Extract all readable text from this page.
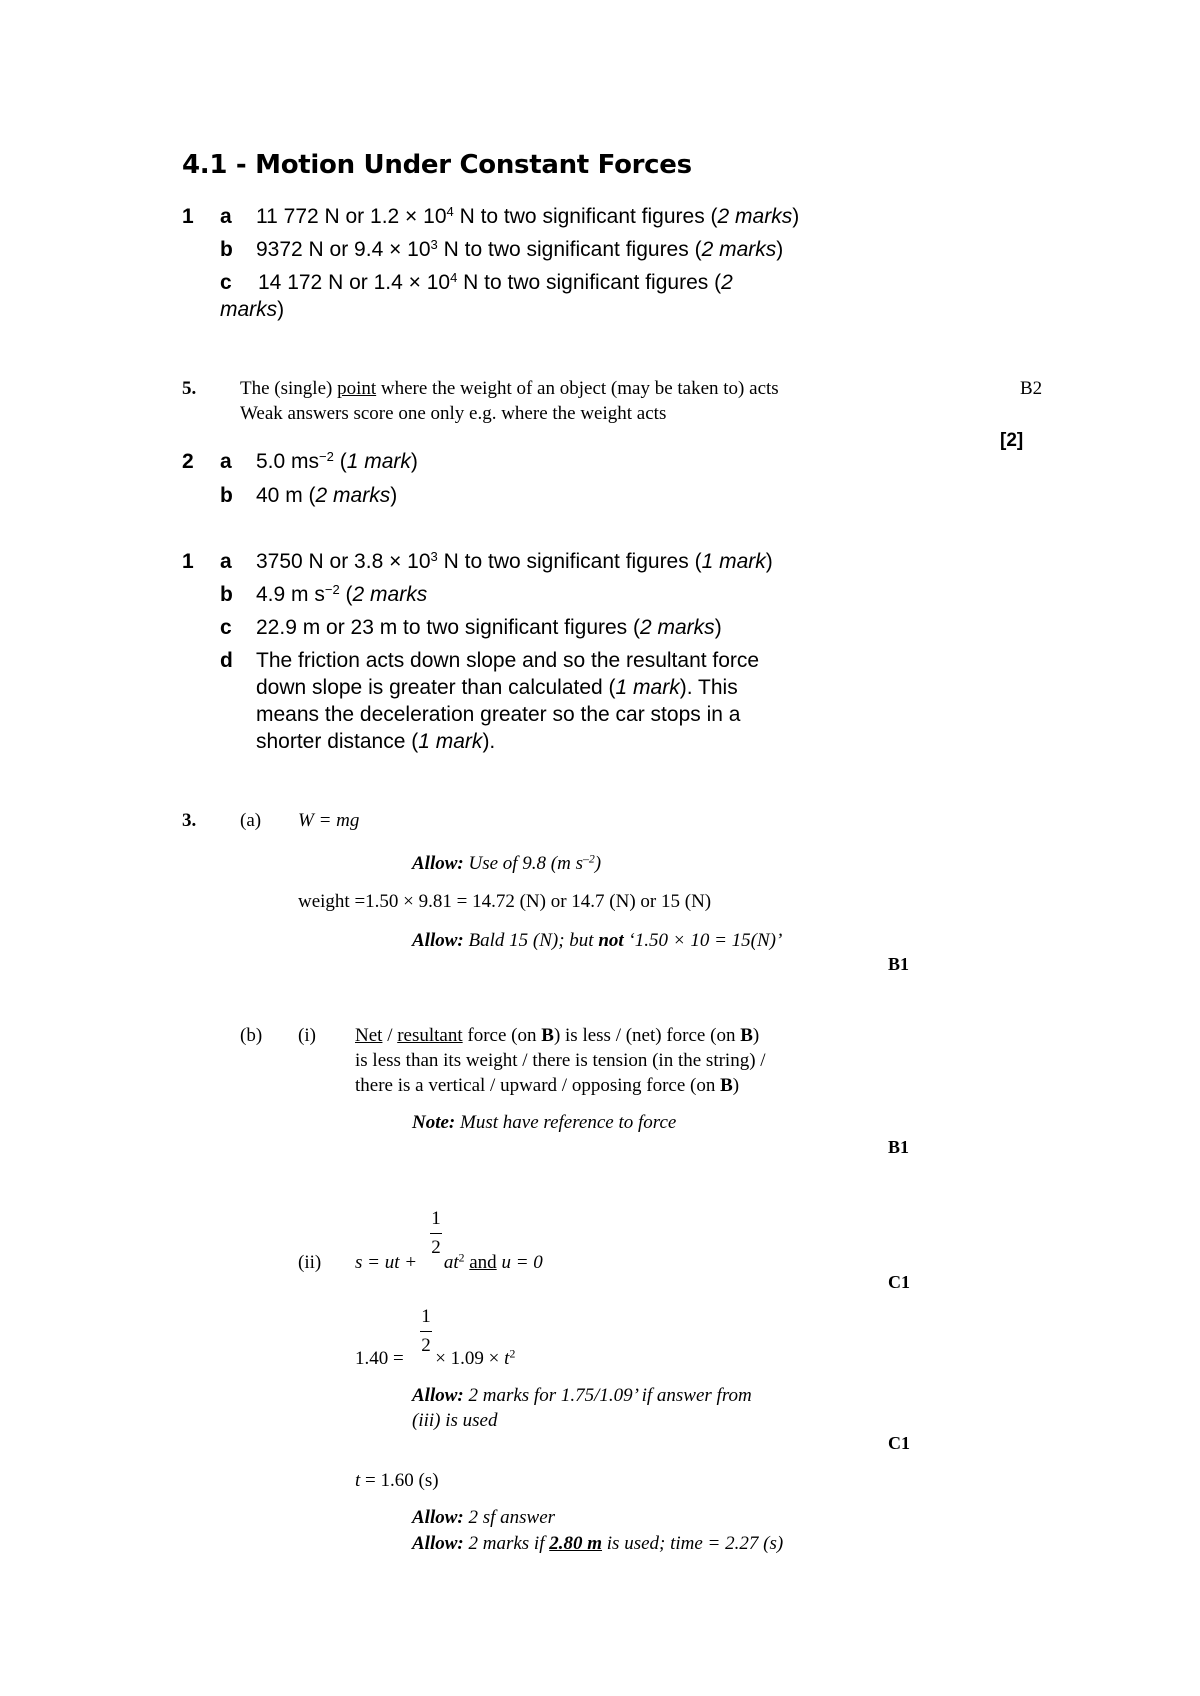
4.1 - Motion Under Constant Forces
1 a 11 772 N or $1.2 \times 10^4$ N to two significant figures (2 marks)
b 9372 N or $9.4 \times 10^3$ N to two significant figures (2 marks)
c 14 172 N or $1.4 \times 10^4$ N to two significant figures (2
marks)
5. The (single) point where the weight of an object (may be taken to) acts
Weak answers score one only e.g. where the weight acts
B2
[2]
2 a 5.0 $ms^{-2}$ (1 mark)
b 40 m (2 marks)
1 a 3750 N or $3.8 \times 10^3$ N to two significant figures (1 mark)
b 4.9 m $s^{-2}$ (2 marks
c 22.9 m or 23 m to two significant figures (2 marks)
d The friction acts down slope and so the resultant force
down slope is greater than calculated (1 mark). This
means the deceleration greater so the car stops in a
shorter distance (1 mark).
3. (a) W = mg
Allow: Use of 9.8 (m $s^{-2}$)
weight =1.50 × 9.81 = 14.72 (N) or 14.7 (N) or 15 (N)
Allow: Bald 15 (N); but not ‘1.50 × 10 = 15(N)’
B1
(b) (i) Net / resultant force (on B) is less / (net) force (on B)
is less than its weight / there is tension (in the string) /
there is a vertical / upward / opposing force (on B)
Note: Must have reference to force
B1
1
2
(ii) s = ut + $at^2$ and u = 0
C1
1
2
1.40 =  × $1.09 \times t^2$
Allow: 2 marks for 1.75/1.09’ if answer from
(iii) is used
C1
t = 1.60 (s)
Allow: 2 sf answer
Allow: 2 marks if 2.80 m is used; time = 2.27 (s)
